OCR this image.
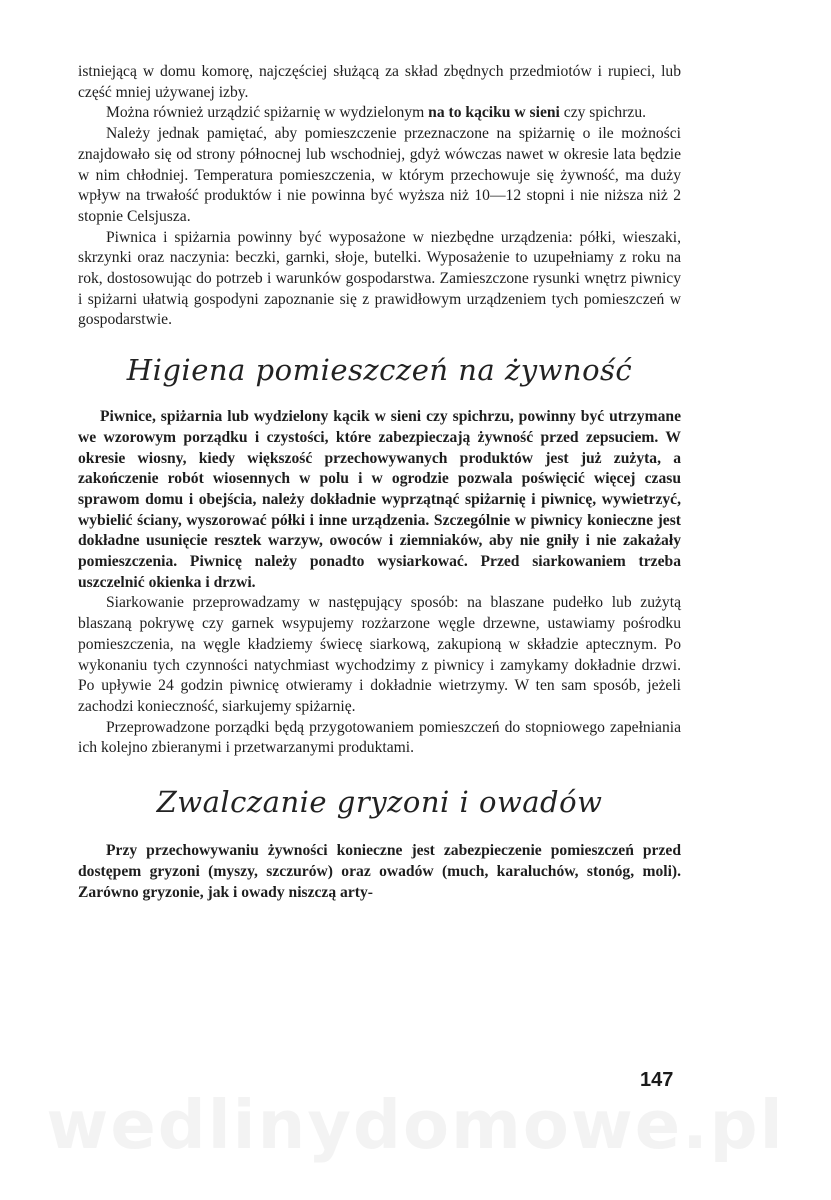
istniejącą w domu komorę, najczęściej służącą za skład zbędnych przedmiotów i rupieci, lub część mniej używanej izby.

Można również urządzić spiżarnię w wydzielonym na to kąciku w sieni czy spichrzu.

Należy jednak pamiętać, aby pomieszczenie przeznaczone na spiżarnię o ile możności znajdowało się od strony północnej lub wschodniej, gdyż wówczas nawet w okresie lata będzie w nim chłodniej. Temperatura pomieszczenia, w którym przechowuje się żywność, ma duży wpływ na trwałość produktów i nie powinna być wyższa niż 10—12 stopni i nie niższa niż 2 stopnie Celsjusza.

Piwnica i spiżarnia powinny być wyposażone w niezbędne urządzenia: półki, wieszaki, skrzynki oraz naczynia: beczki, garnki, słoje, butelki. Wyposażenie to uzupełniamy z roku na rok, dostosowując do potrzeb i warunków gospodarstwa. Zamieszczone rysunki wnętrz piwnicy i spiżarni ułatwią gospodyni zapoznanie się z prawidłowym urządzeniem tych pomieszczeń w gospodarstwie.

Higiena pomieszczeń na żywność

Piwnice, spiżarnia lub wydzielony kącik w sieni czy spichrzu, powinny być utrzymane we wzorowym porządku i czystości, które zabezpieczają żywność przed zepsuciem. W okresie wiosny, kiedy większość przechowywanych produktów jest już zużyta, a zakończenie robót wiosennych w polu i w ogrodzie pozwala poświęcić więcej czasu sprawom domu i obejścia, należy dokładnie wyprzątnąć spiżarnię i piwnicę, wywietrzyć, wybielić ściany, wyszorować półki i inne urządzenia. Szczególnie w piwnicy konieczne jest dokładne usunięcie resztek warzyw, owoców i ziemniaków, aby nie gniły i nie zakażały pomieszczenia. Piwnicę należy ponadto wysiarkować. Przed siarkowaniem trzeba uszczelnić okienka i drzwi.

Siarkowanie przeprowadzamy w następujący sposób: na blaszane pudełko lub zużytą blaszaną pokrywę czy garnek wsypujemy rozżarzone węgle drzewne, ustawiamy pośrodku pomieszczenia, na węgle kładziemy świecę siarkową, zakupioną w składzie aptecznym. Po wykonaniu tych czynności natychmiast wychodzimy z piwnicy i zamykamy dokładnie drzwi. Po upływie 24 godzin piwnicę otwieramy i dokładnie wietrzymy. W ten sam sposób, jeżeli zachodzi konieczność, siarkujemy spiżarnię.

Przeprowadzone porządki będą przygotowaniem pomieszczeń do stopniowego zapełniania ich kolejno zbieranymi i przetwarzanymi produktami.

Zwalczanie gryzoni i owadów

Przy przechowywaniu żywności konieczne jest zabezpieczenie pomieszczeń przed dostępem gryzoni (myszy, szczurów) oraz owadów (much, karaluchów, stonóg, moli). Zarówno gryzonie, jak i owady niszczą arty-

147
wedlinydomowe.pl
